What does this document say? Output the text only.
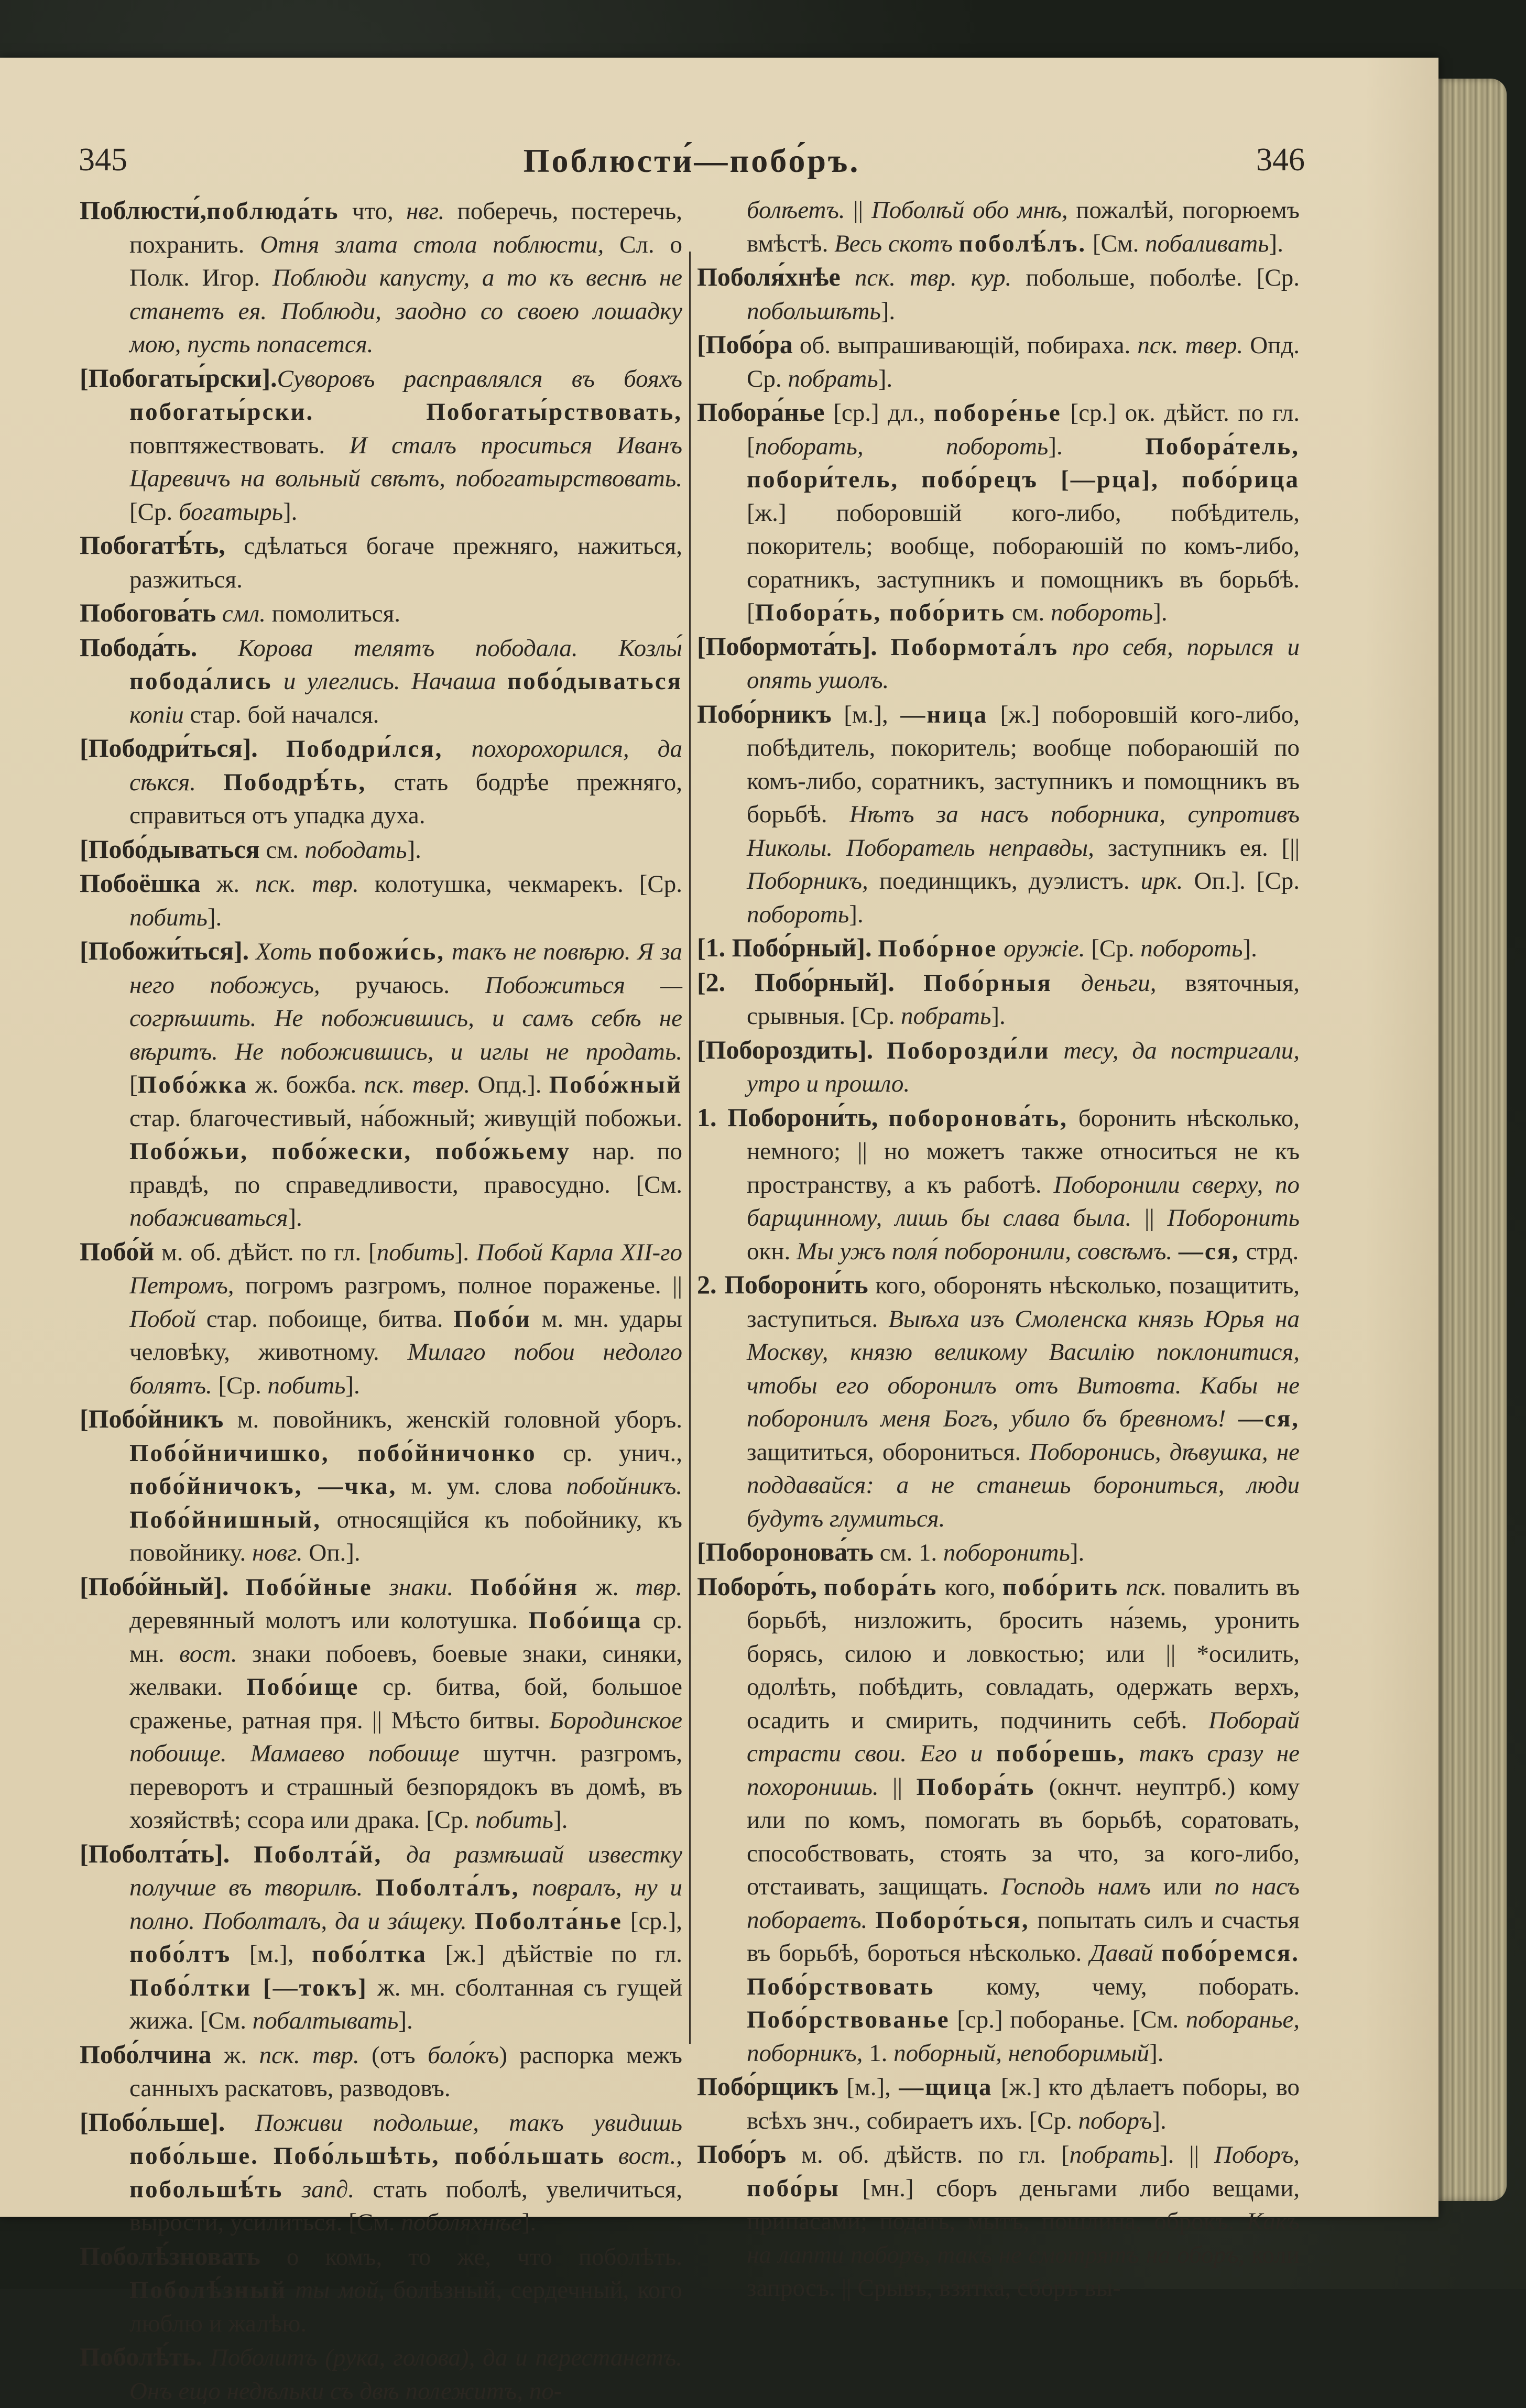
345	Поблюсти́—побо́ръ.	346

Поблюсти́,поблюда́ть что, нвг. поберечь, постеречь, похранить. Отня злата стола поблюсти, Сл. о Полк. Игор. Поблюди капусту, а то къ веснѣ не станетъ ея. Поблюди, заодно со своею лошадку мою, пусть попасется.

[Побогаты́рски].Суворовъ расправлялся въ бояхъ побогаты́рски. Побогаты́рствовать, повптяжествовать. И сталъ проситься Иванъ Царевичъ на вольный свѣтъ, побогатырствовать. [Ср. богатырь].

Побогатѣ́ть, сдѣлаться богаче прежняго, нажиться, разжиться.

Побогова́ть смл. помолиться.

Побода́ть. Корова телятъ пободала. Козлы́ побода́лись и улеглись. Начаша побо́дываться копіи стар. бой начался.

[Пободри́ться]. Пободри́лся, похорохорился, да сѣкся. Пободрѣ́ть, стать бодрѣе прежняго, справиться отъ упадка духа.

[Побо́дываться см. пободать].

Побоёшка ж. пск. твр. колотушка, чекмарекъ. [Ср. побить].

[Побожи́ться]. Хоть побожи́сь, такъ не повѣрю. Я за него побожусь, ручаюсь. Побожиться — согрѣшить. Не побожившись, и самъ себѣ не вѣритъ. Не побожившись, и иглы не продать. [Побо́жка ж. божба. пск. твер. Опд.]. Побо́жный стар. благочестивый, на́божный; живущій побожьи. Побо́жьи, побо́жески, побо́жьему нар. по правдѣ, по справедливости, правосудно. [См. побаживаться].

Побо́й м. об. дѣйст. по гл. [побить]. Побой Карла XII-го Петромъ, погромъ разгромъ, полное пораженье. || Побой стар. побоище, битва. Побо́и м. мн. удары человѣку, животному. Милаго побои недолго болятъ. [Ср. побить].

[Побо́йникъ м. повойникъ, женскій головной уборъ. Побо́йничишко, побо́йничонко ср. унич., побо́йничокъ, —чка, м. ум. слова побойникъ. Побо́йнишный, относящійся къ побойнику, къ повойнику. новг. Оп.].

[Побо́йный]. Побо́йные знаки. Побо́йня ж. твр. деревянный молотъ или колотушка. Побо́ища ср. мн. вост. знаки побоевъ, боевые знаки, синяки, желваки. Побо́ище ср. битва, бой, большое сраженье, ратная пря. || Мѣсто битвы. Бородинское побоище. Мамаево побоище шутчн. разгромъ, переворотъ и страшный безпорядокъ въ домѣ, въ хозяйствѣ; ссора или драка. [Ср. побить].

[Поболта́ть]. Поболта́й, да размѣшай известку получше въ творилѣ. Поболта́лъ, повралъ, ну и полно. Поболталъ, да и зáщеку. Поболта́нье [ср.], побо́лтъ [м.], побо́лтка [ж.] дѣйствіе по гл. Побо́лтки [—токъ] ж. мн. сболтанная съ гущей жижа. [См. побалтывать].

Побо́лчина ж. пск. твр. (отъ боло́къ) распорка межъ санныхъ раскатовъ, разводовъ.

[Побо́льше]. Поживи подольше, такъ увидишь побо́льше. Побо́льшѣть, побо́льшать вост., побольшѣ́ть зап∂. стать поболѣ, увеличиться, вырости, усилиться. [См. поболяхнѣе].

Поболѣ́зновать о комъ, то же, что поболѣть. Поболѣ́зный ты мой, болѣзный, сердечный, кого люблю и жалѣю.

Поболѣ́ть. Поболитъ (рука, голова), да и перестанетъ. Онъ ещо недѣльки съ двѣ полежитъ, по-

болѣетъ. || Поболѣй обо мнѣ, пожалѣй, погорюемъ вмѣстѣ. Весь скотъ поболѣ́лъ. [См. побаливать].

Поболя́хнѣе пск. твр. кур. побольше, поболѣе. [Ср. побольшѣть].

[Побо́ра об. выпрашивающій, побираха. пск. твер. Опд. Ср. побрать].

Побора́нье [ср.] дл., поборе́нье [ср.] ок. дѣйст. по гл. [поборать, побороть]. Побора́тель, побори́тель, побо́рецъ [—рца], побо́рица [ж.] поборовшій кого-либо, побѣдитель, покоритель; вообще, побораюшій по комъ-либо, соратникъ, заступникъ и помощникъ въ борьбѣ. [Побора́ть, побо́рить см. побороть].

[Побормота́ть]. Побормота́лъ про себя, порылся и опять ушолъ.

Побо́рникъ [м.], —ница [ж.] поборовшій кого-либо, побѣдитель, покоритель; вообще побораюшій по комъ-либо, соратникъ, заступникъ и помощникъ въ борьбѣ. Нѣтъ за насъ поборника, супротивъ Николы. Поборатель неправды, заступникъ ея. [|| Поборникъ, поединщикъ, дуэлистъ. ирк. Оп.]. [Ср. побороть].

[1. Побо́рный]. Побо́рное оружіе. [Ср. побороть].

[2. Побо́рный]. Побо́рныя деньги, взяточныя, срывныя. [Ср. побрать].

[Побороздить]. Поборозди́ли тесу, да постригали, утро и прошло.

1. Поборони́ть, поборонова́ть, боронить нѣсколько, немного; || но можетъ также относиться не къ пространству, а къ работѣ. Поборонили сверху, по барщинному, лишь бы слава была. || Поборонить окн. Мы ужъ поля́ поборонили, совсѣмъ. —ся, стрд.

2. Поборони́ть кого, оборонять нѣсколько, позащитить, заступиться. Выѣха изъ Смоленска князь Юрья на Москву, князю великому Василію поклонитися, чтобы его оборонилъ отъ Витовта. Кабы не поборонилъ меня Богъ, убило бъ бревномъ! —ся, защититься, оборониться. Поборонись, дѣвушка, не поддавайся: а не станешь борониться, люди будутъ глумиться.

[Поборонова́ть см. 1. поборонить].

Поборо́ть, побора́ть кого, побо́рить пск. повалить въ борьбѣ, низложить, бросить на́земь, уронить борясь, силою и ловкостью; или || *осилить, одолѣть, побѣдить, совладать, одержать верхъ, осадить и смирить, подчинить себѣ. Поборай страсти свои. Его и побо́решь, такъ сразу не похоронишь. || Побора́ть (окнчт. неуптрб.) кому или по комъ, помогать въ борьбѣ, соратовать, способствовать, стоять за что, за кого-либо, отстаивать, защищать. Господь намъ или по насъ побораетъ. Поборо́ться, попытать силъ и счастья въ борьбѣ, бороться нѣсколько. Давай побо́ремся. Побо́рствовать кому, чему, поборать. Побо́рствованье [ср.] поборанье. [См. поборанье, поборникъ, 1. поборный, непоборимый].

Побо́рщикъ [м.], —щица [ж.] кто дѣлаетъ поборы, во всѣхъ знч., собираетъ ихъ. [Ср. поборъ].

Побо́ръ м. об. дѣйств. по гл. [побрать]. || Поборъ, побо́ры [мн.] сборъ деньгами либо вещами, припасами; подать, мытъ, пошлина, оброкъ. Какъ на лапти поборъ, такъ не смотрятъ на оборъ, коли запросъ. || Срывъ, взятка, сборъ вы-
